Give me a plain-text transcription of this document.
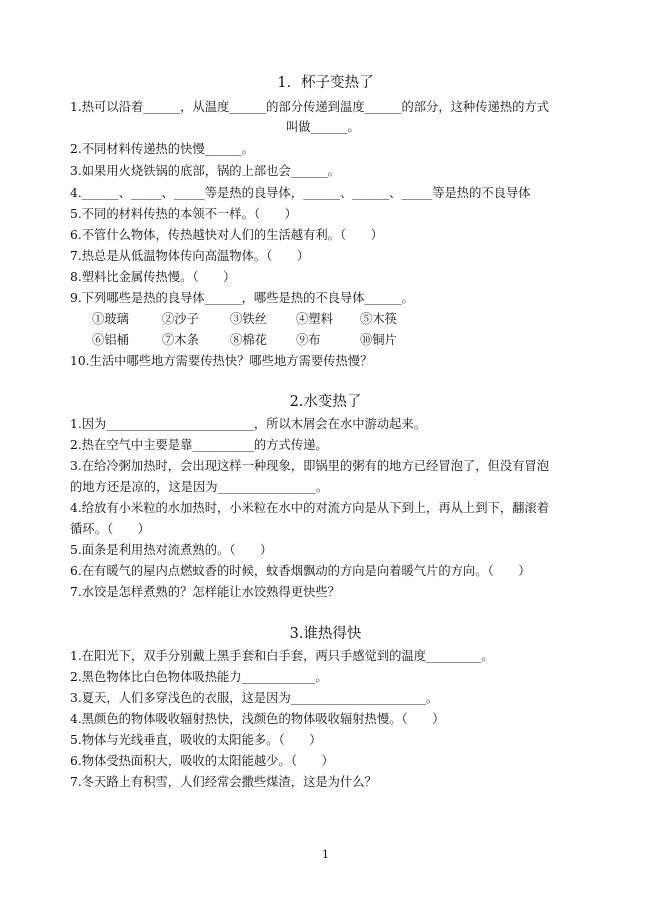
1．杯子变热了
1.热可以沿着______，从温度______的部分传递到温度______的部分，这种传递热的方式
叫做______。
2.不同材料传递热的快慢______。
3.如果用火烧铁锅的底部，锅的上部也会______。
4.______、_____、_____等是热的良导体，______、______、_____等是热的不良导体
5.不同的材料传热的本领不一样。（　　）
6.不管什么物体，传热越快对人们的生活越有利。（　　）
7.热总是从低温物体传向高温物体。（　　）
8.塑料比金属传热慢。（　　）
9.下列哪些是热的良导体______，哪些是热的不良导体______。
①玻璃	②沙子	③铁丝 ④塑料 ⑤木筷
⑥铝桶	⑦木条	⑧棉花 ⑨布	⑩铜片
10.生活中哪些地方需要传热快？哪些地方需要传热慢？
2.水变热了
1.因为________________________，所以木屑会在水中游动起来。
2.热在空气中主要是靠__________的方式传递。
3.在给冷粥加热时，会出现这样一种现象，即锅里的粥有的地方已经冒泡了，但没有冒泡
的地方还是凉的，这是因为________________。
4.给放有小米粒的水加热时，小米粒在水中的对流方向是从下到上，再从上到下，翻滚着
循环。（　　）
5.面条是利用热对流煮熟的。（　　）
6.在有暖气的屋内点燃蚊香的时候，蚊香烟飘动的方向是向着暖气片的方向。（　　）
7.水饺是怎样煮熟的？怎样能让水饺熟得更快些？
3.谁热得快
1.在阳光下，双手分别戴上黑手套和白手套，两只手感觉到的温度_________。
2.黑色物体比白色物体吸热能力____________。
3.夏天，人们多穿浅色的衣服，这是因为______________________。
4.黑颜色的物体吸收辐射热快，浅颜色的物体吸收辐射热慢。（　　）
5.物体与光线垂直，吸收的太阳能多。（　　）
6.物体受热面积大，吸收的太阳能越少。（　　）
7.冬天路上有积雪，人们经常会撒些煤渣，这是为什么？
1
